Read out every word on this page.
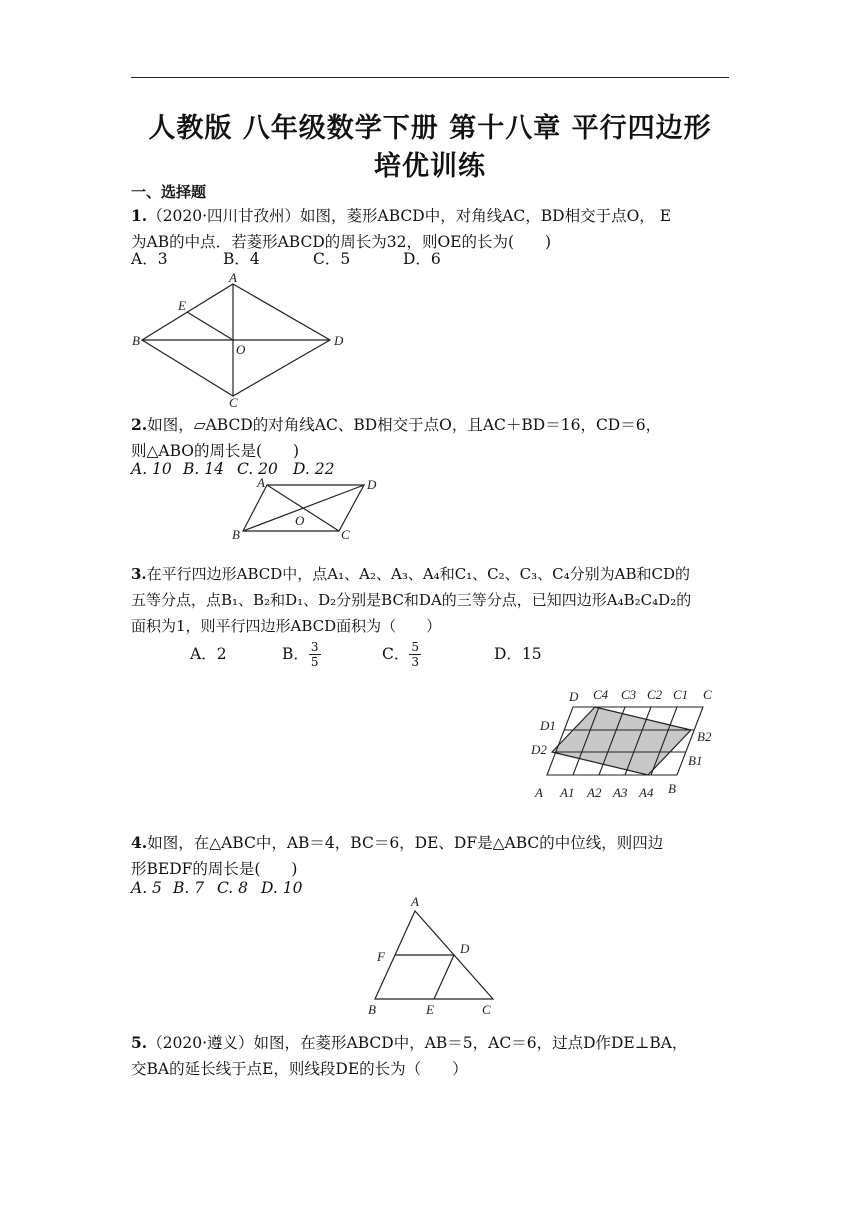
人教版 八年级数学下册 第十八章 平行四边形
培优训练
一、选择题
1.（2020·四川甘孜州）如图，菱形ABCD中，对角线AC，BD相交于点O， E
为AB的中点．若菱形ABCD的周长为32，则OE的长为(　　)
A．3	B．4	C．5	D．6
A
B
C
D
E
O
2.如图，▱ABCD的对角线AC、BD相交于点O，且AC＋BD＝16，CD＝6，
则△ABO的周长是(　　)
A. 10 B. 14 C. 20 D. 22
A	D
B	C
O
3.在平行四边形ABCD中，点A₁、A₂、A₃、A₄和C₁、C₂、C₃、C₄分别为AB和CD的
五等分点，点B₁、B₂和D₁、D₂分别是BC和DA的三等分点，已知四边形A₄B₂C₄D₂的
面积为1，则平行四边形ABCD面积为（　　）
A．2	B． $\frac{3}{5}$	C． $\frac{5}{3}$	D．15
D C4 C3 C2 C1 C
A A1 A2 A3 A4 B
D1
D2
B2
B1
4.如图，在△ABC中，AB＝4，BC＝6，DE、DF是△ABC的中位线，则四边
形BEDF的周长是(　　)
A. 5 B. 7 C. 8 D. 10
A
F
D
B	E	C
5.（2020·遵义）如图，在菱形ABCD中，AB＝5，AC＝6，过点D作DE⊥BA，
交BA的延长线于点E，则线段DE的长为（　　）
